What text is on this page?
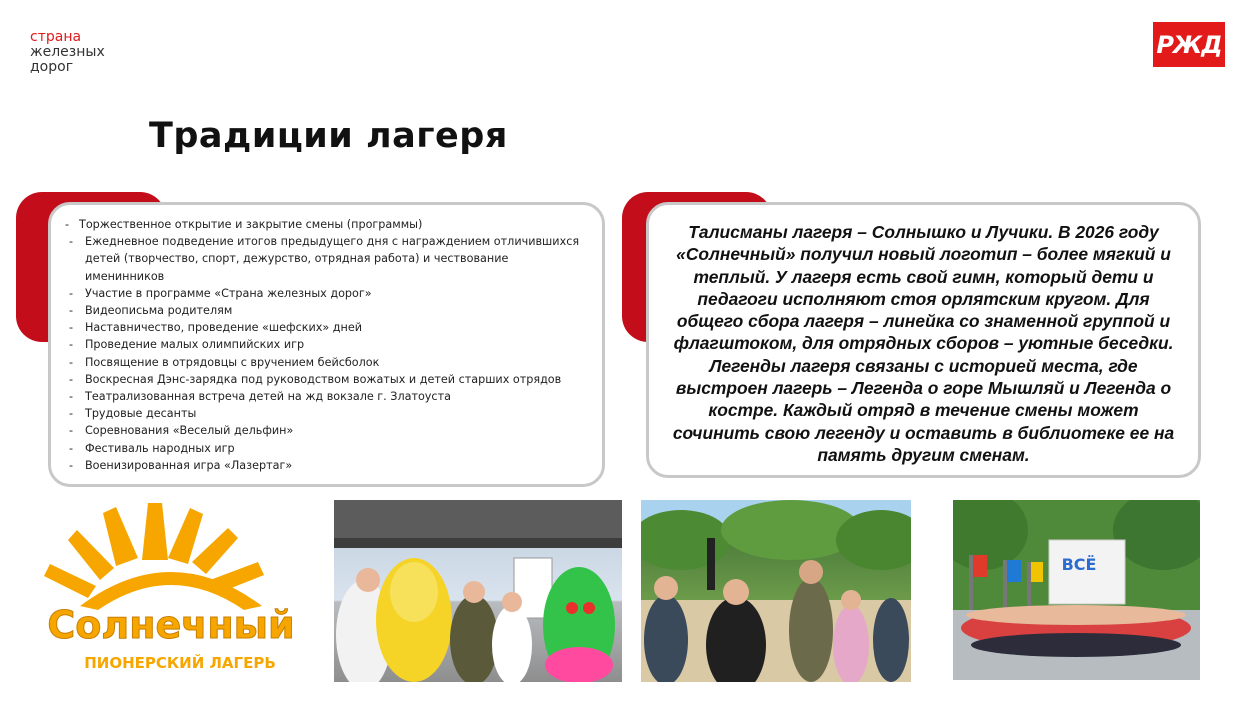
страна
железных
дорог
РЖД
Традиции лагеря
- Торжественное открытие и закрытие смены (программы)
- Ежедневное подведение итогов предыдущего дня с награждением отличившихся детей (творчество, спорт, дежурство, отрядная работа) и чествование именинников
- Участие в программе «Страна железных дорог»
- Видеописьма родителям
- Наставничество, проведение «шефских» дней
- Проведение малых олимпийских игр
- Посвящение в отрядовцы с вручением бейсболок
- Воскресная Дэнс-зарядка под руководством вожатых и детей старших отрядов
- Театрализованная встреча детей на жд вокзале г. Златоуста
- Трудовые десанты
- Соревнования «Веселый дельфин»
- Фестиваль народных игр
- Военизированная игра «Лазертаг»

Талисманы лагеря – Солнышко и Лучики. В 2026 году «Солнечный» получил новый логотип – более мягкий и теплый. У лагеря есть свой гимн, который дети и педагоги исполняют стоя орлятским кругом. Для общего сбора лагеря – линейка со знаменной группой и флагштоком, для отрядных сборов – уютные беседки. Легенды лагеря связаны с историей места, где выстроен лагерь – Легенда о горе Мышляй и Легенда о костре. Каждый отряд в течение смены может сочинить свою легенду и оставить в библиотеке ее на память другим сменам.

Солнечный
ПИОНЕРСКИЙ ЛАГЕРЬ
ВСЁ
